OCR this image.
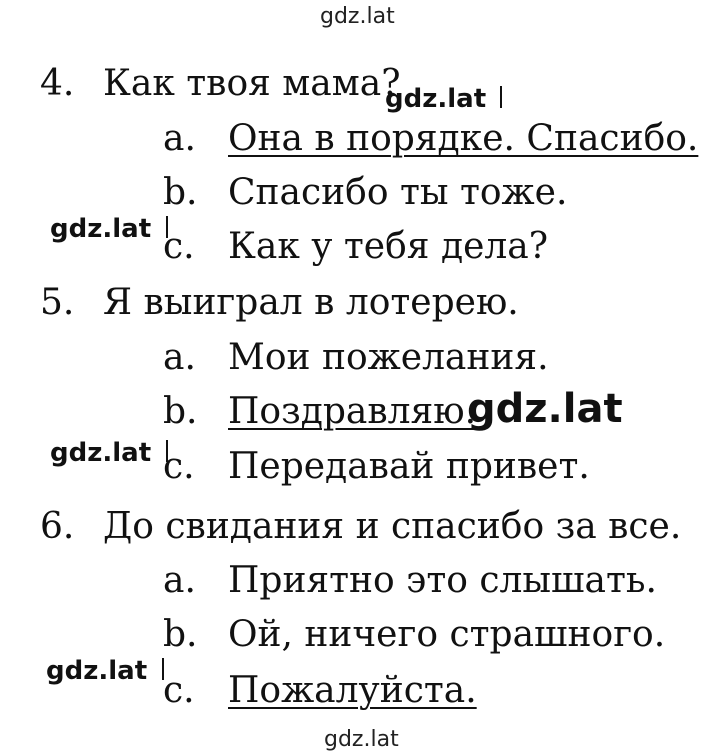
gdz.lat
4. Как твоя мама?
gdz.lat
a. Она в порядке. Спасибо.
b. Спасибо ты тоже.
gdz.lat c. Как у тебя дела?
5. Я выиграл в лотерею.
a. Мои пожелания.
b. Поздравляю.
gdz.lat
gdz.lat c. Передавай привет.
6. До свидания и спасибо за все.
a. Приятно это слышать.
b. Ой, ничего страшного.
gdz.lat c. Пожалуйста.
gdz.lat
